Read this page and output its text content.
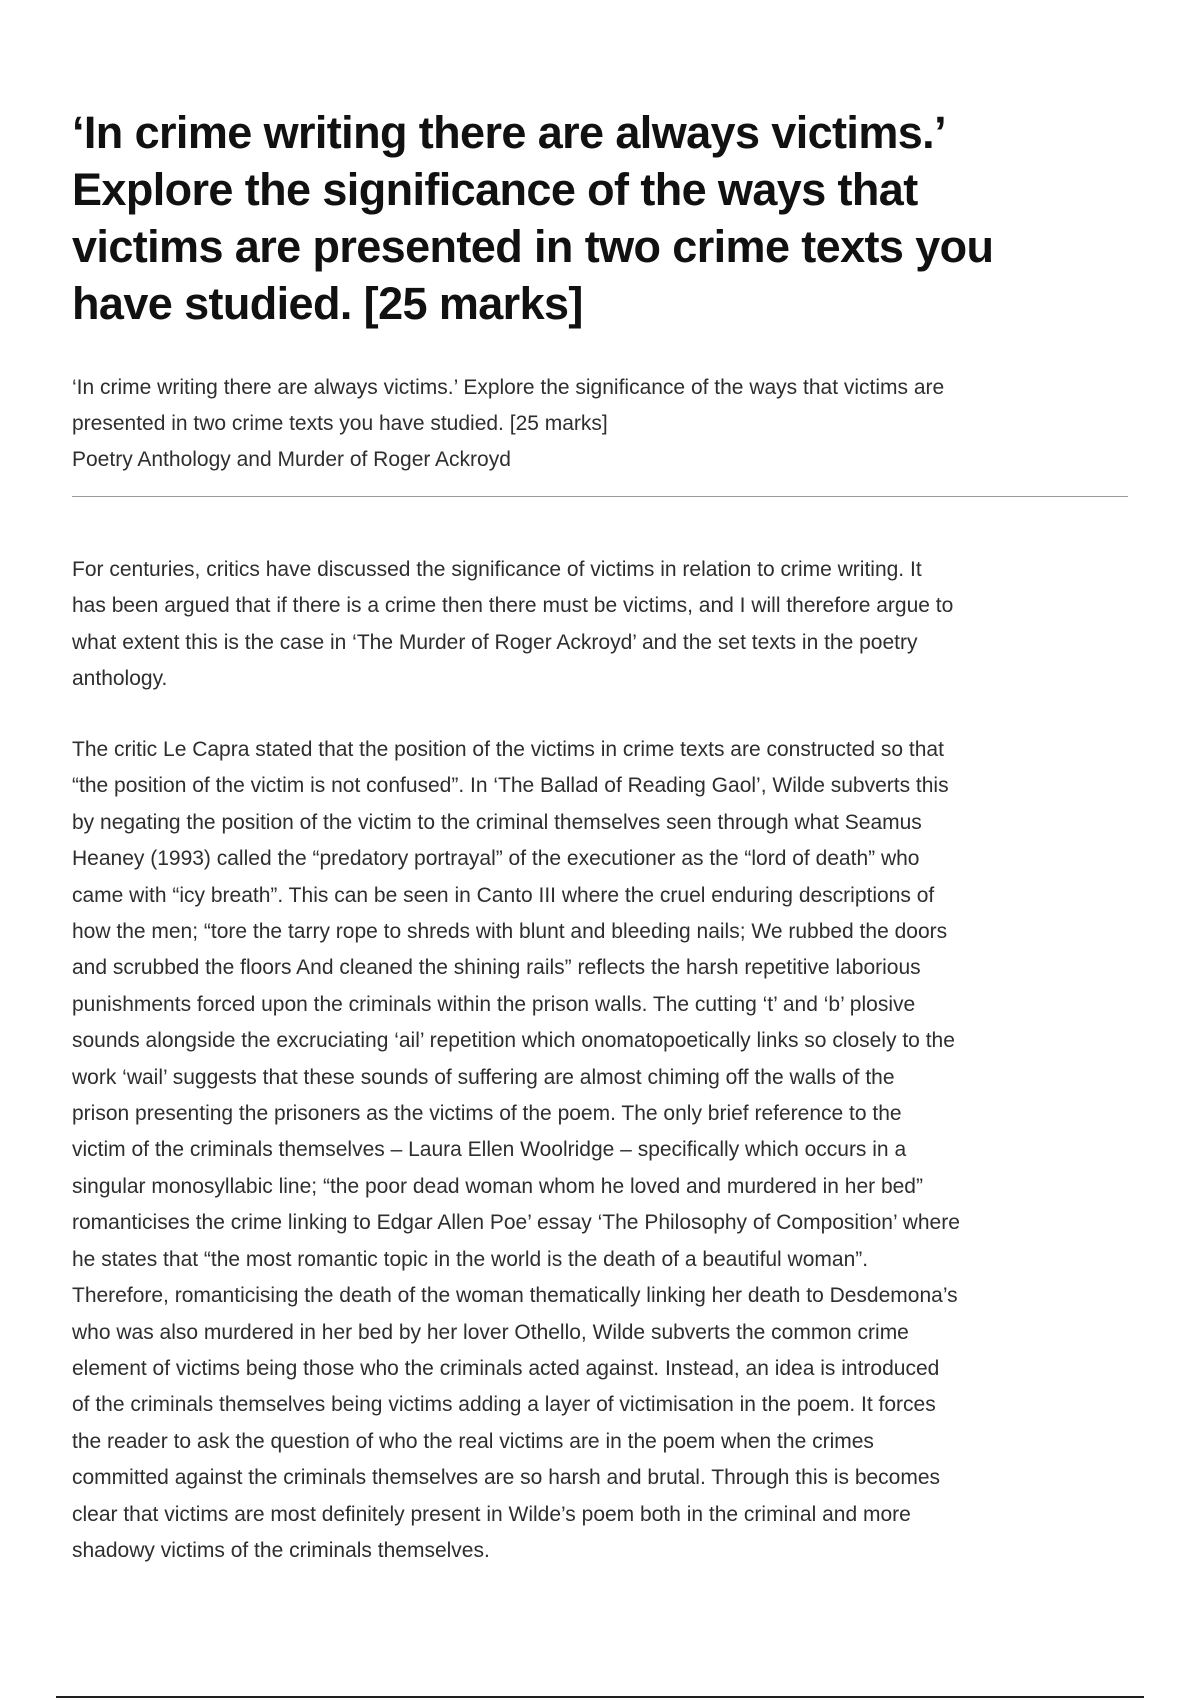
‘In crime writing there are always victims.’
Explore the significance of the ways that
victims are presented in two crime texts you
have studied. [25 marks]
‘In crime writing there are always victims.’ Explore the significance of the ways that victims are
presented in two crime texts you have studied. [25 marks]
Poetry Anthology and Murder of Roger Ackroyd
For centuries, critics have discussed the significance of victims in relation to crime writing. It
has been argued that if there is a crime then there must be victims, and I will therefore argue to
what extent this is the case in ‘The Murder of Roger Ackroyd’ and the set texts in the poetry
anthology.
The critic Le Capra stated that the position of the victims in crime texts are constructed so that
“the position of the victim is not confused”. In ‘The Ballad of Reading Gaol’, Wilde subverts this
by negating the position of the victim to the criminal themselves seen through what Seamus
Heaney (1993) called the “predatory portrayal” of the executioner as the “lord of death” who
came with “icy breath”. This can be seen in Canto III where the cruel enduring descriptions of
how the men; “tore the tarry rope to shreds with blunt and bleeding nails; We rubbed the doors
and scrubbed the floors And cleaned the shining rails” reflects the harsh repetitive laborious
punishments forced upon the criminals within the prison walls. The cutting ‘t’ and ‘b’ plosive
sounds alongside the excruciating ‘ail’ repetition which onomatopoetically links so closely to the
work ‘wail’ suggests that these sounds of suffering are almost chiming off the walls of the
prison presenting the prisoners as the victims of the poem. The only brief reference to the
victim of the criminals themselves – Laura Ellen Woolridge – specifically which occurs in a
singular monosyllabic line; “the poor dead woman whom he loved and murdered in her bed”
romanticises the crime linking to Edgar Allen Poe’ essay ‘The Philosophy of Composition’ where
he states that “the most romantic topic in the world is the death of a beautiful woman”.
Therefore, romanticising the death of the woman thematically linking her death to Desdemona’s
who was also murdered in her bed by her lover Othello, Wilde subverts the common crime
element of victims being those who the criminals acted against. Instead, an idea is introduced
of the criminals themselves being victims adding a layer of victimisation in the poem. It forces
the reader to ask the question of who the real victims are in the poem when the crimes
committed against the criminals themselves are so harsh and brutal. Through this is becomes
clear that victims are most definitely present in Wilde’s poem both in the criminal and more
shadowy victims of the criminals themselves.
